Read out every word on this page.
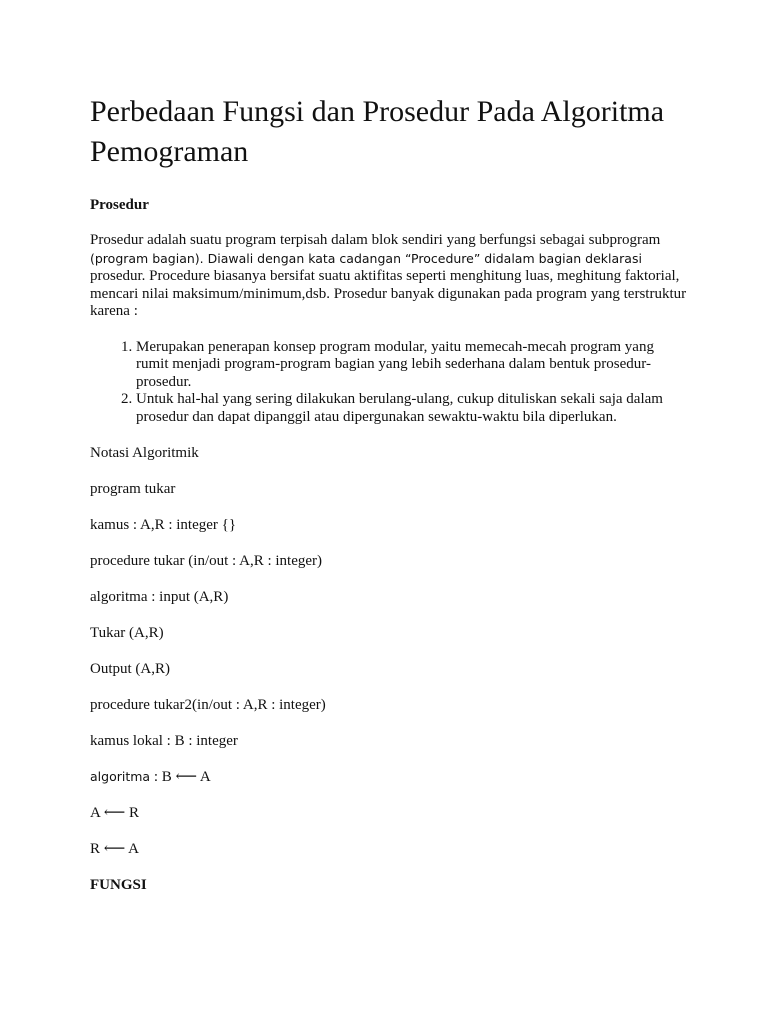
Perbedaan Fungsi dan Prosedur Pada Algoritma Pemograman

Prosedur

Prosedur adalah suatu program terpisah dalam blok sendiri yang berfungsi sebagai subprogram (program bagian). Diawali dengan kata cadangan “Procedure” didalam bagian deklarasi prosedur. Procedure biasanya bersifat suatu aktifitas seperti menghitung luas, meghitung faktorial, mencari nilai maksimum/minimum,dsb. Prosedur banyak digunakan pada program yang terstruktur karena :

1. Merupakan penerapan konsep program modular, yaitu memecah-mecah program yang rumit menjadi program-program bagian yang lebih sederhana dalam bentuk prosedur-prosedur.
2. Untuk hal-hal yang sering dilakukan berulang-ulang, cukup dituliskan sekali saja dalam prosedur dan dapat dipanggil atau dipergunakan sewaktu-waktu bila diperlukan.

Notasi Algoritmik

program tukar

kamus : A,R : integer {}

procedure tukar (in/out : A,R : integer)

algoritma : input (A,R)

Tukar (A,R)

Output (A,R)

procedure tukar2(in/out : A,R : integer)

kamus lokal : B : integer

algoritma : B ⟵ A

A ⟵ R

R ⟵ A

FUNGSI
